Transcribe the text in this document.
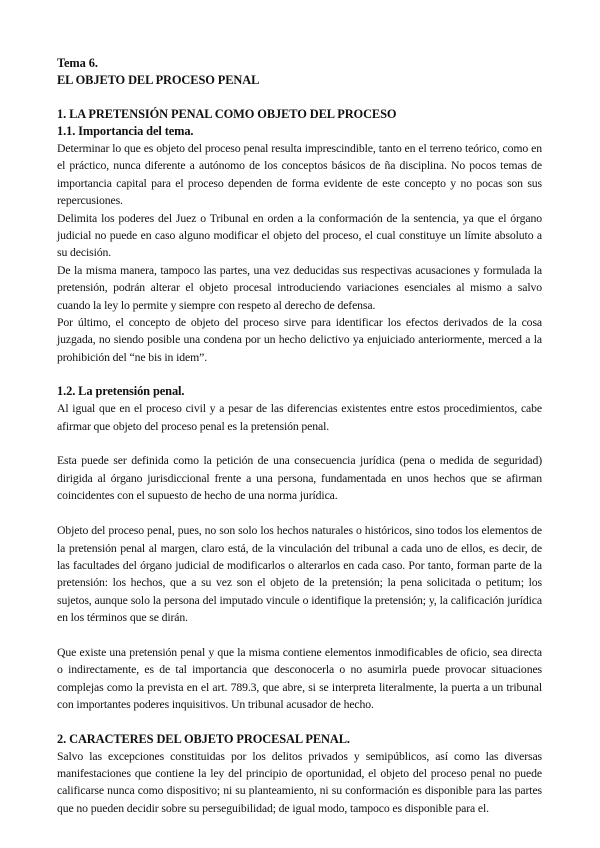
Tema 6.
EL OBJETO DEL PROCESO PENAL
1. LA PRETENSIÓN PENAL COMO OBJETO DEL PROCESO
1.1. Importancia del tema.

Determinar lo que es objeto del proceso penal resulta imprescindible, tanto en el terreno teórico, como en el práctico, nunca diferente a autónomo de los conceptos básicos de ña disciplina. No pocos temas de importancia capital para el proceso dependen de forma evidente de este concepto y no pocas son sus repercusiones.

Delimita los poderes del Juez o Tribunal en orden a la conformación de la sentencia, ya que el órgano judicial no puede en caso alguno modificar el objeto del proceso, el cual constituye un límite absoluto a su decisión.

De la misma manera, tampoco las partes, una vez deducidas sus respectivas acusaciones y formulada la pretensión, podrán alterar el objeto procesal introduciendo variaciones esenciales al mismo a salvo cuando la ley lo permite y siempre con respeto al derecho de defensa.

Por último, el concepto de objeto del proceso sirve para identificar los efectos derivados de la cosa juzgada, no siendo posible una condena por un hecho delictivo ya enjuiciado anteriormente, merced a la prohibición del “ne bis in idem”.

1.2. La pretensión penal.

Al igual que en el proceso civil y a pesar de las diferencias existentes entre estos procedimientos, cabe afirmar que objeto del proceso penal es la pretensión penal.

Esta puede ser definida como la petición de una consecuencia jurídica (pena o medida de seguridad) dirigida al órgano jurisdiccional frente a una persona, fundamentada en unos hechos que se afirman coincidentes con el supuesto de hecho de una norma jurídica.

Objeto del proceso penal, pues, no son solo los hechos naturales o históricos, sino todos los elementos de la pretensión penal al margen, claro está, de la vinculación del tribunal a cada uno de ellos, es decir, de las facultades del órgano judicial de modificarlos o alterarlos en cada caso. Por tanto, forman parte de la pretensión: los hechos, que a su vez son el objeto de la pretensión; la pena solicitada o petitum; los sujetos, aunque solo la persona del imputado vincule o identifique la pretensión; y, la calificación jurídica en los términos que se dirán.

Que existe una pretensión penal y que la misma contiene elementos inmodificables de oficio, sea directa o indirectamente, es de tal importancia que desconocerla o no asumirla puede provocar situaciones complejas como la prevista en el art. 789.3, que abre, si se interpreta literalmente, la puerta a un tribunal con importantes poderes inquisitivos. Un tribunal acusador de hecho.

2. CARACTERES DEL OBJETO PROCESAL PENAL.

Salvo las excepciones constituidas por los delitos privados y semipúblicos, así como las diversas manifestaciones que contiene la ley del principio de oportunidad, el objeto del proceso penal no puede calificarse nunca como dispositivo; ni su planteamiento, ni su conformación es disponible para las partes que no pueden decidir sobre su perseguibilidad; de igual modo, tampoco es disponible para el.
